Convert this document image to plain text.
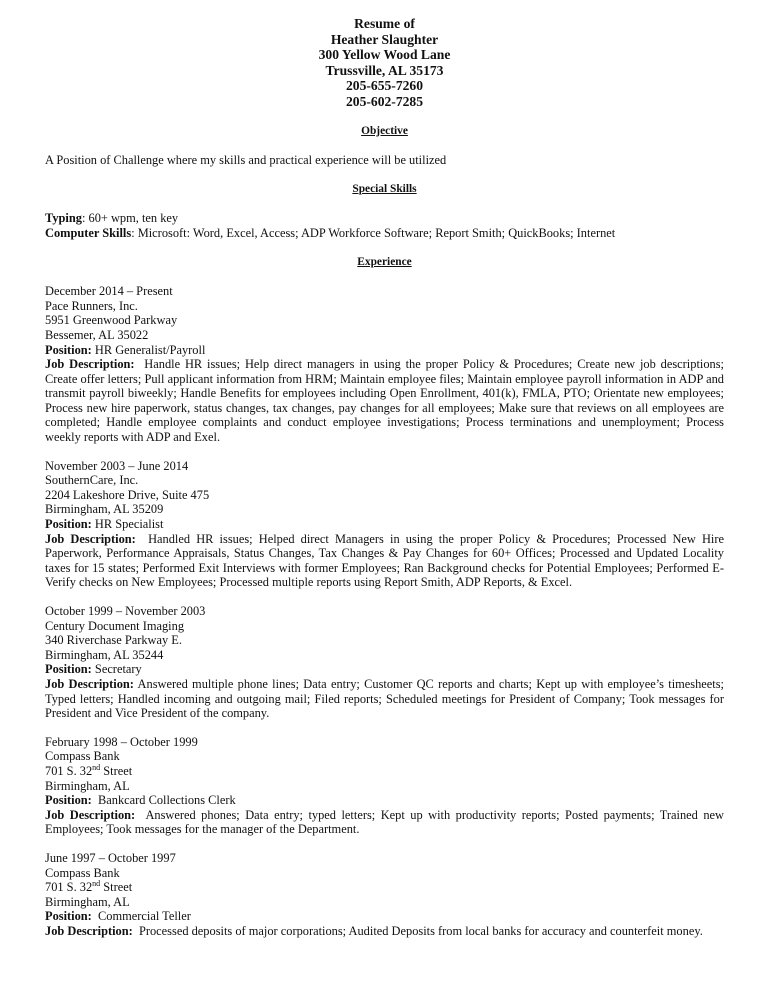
Resume of
Heather Slaughter
300 Yellow Wood Lane
Trussville, AL 35173
205-655-7260
205-602-7285
Objective

A Position of Challenge where my skills and practical experience will be utilized

Special Skills

Typing: 60+ wpm, ten key

Computer Skills: Microsoft: Word, Excel, Access; ADP Workforce Software; Report Smith; QuickBooks; Internet

Experience
December 2014 – Present
Pace Runners, Inc.
5951 Greenwood Parkway
Bessemer, AL 35022
Position: HR Generalist/Payroll

Job Description: Handle HR issues; Help direct managers in using the proper Policy & Procedures; Create new job descriptions; Create offer letters; Pull applicant information from HRM; Maintain employee files; Maintain employee payroll information in ADP and transmit payroll biweekly; Handle Benefits for employees including Open Enrollment, 401(k), FMLA, PTO; Orientate new employees; Process new hire paperwork, status changes, tax changes, pay changes for all employees; Make sure that reviews on all employees are completed; Handle employee complaints and conduct employee investigations; Process terminations and unemployment; Process weekly reports with ADP and Exel.

November 2003 – June 2014
SouthernCare, Inc.
2204 Lakeshore Drive, Suite 475
Birmingham, AL 35209
Position: HR Specialist

Job Description: Handled HR issues; Helped direct Managers in using the proper Policy & Procedures; Processed New Hire Paperwork, Performance Appraisals, Status Changes, Tax Changes & Pay Changes for 60+ Offices; Processed and Updated Locality taxes for 15 states; Performed Exit Interviews with former Employees; Ran Background checks for Potential Employees; Performed E-Verify checks on New Employees; Processed multiple reports using Report Smith, ADP Reports, & Excel.

October 1999 – November 2003
Century Document Imaging
340 Riverchase Parkway E.
Birmingham, AL 35244
Position: Secretary

Job Description: Answered multiple phone lines; Data entry; Customer QC reports and charts; Kept up with employee’s timesheets; Typed letters; Handled incoming and outgoing mail; Filed reports; Scheduled meetings for President of Company; Took messages for President and Vice President of the company.

February 1998 – October 1999
Compass Bank
701 S. 32nd Street
Birmingham, AL
Position: Bankcard Collections Clerk

Job Description: Answered phones; Data entry; typed letters; Kept up with productivity reports; Posted payments; Trained new Employees; Took messages for the manager of the Department.

June 1997 – October 1997
Compass Bank
701 S. 32nd Street
Birmingham, AL
Position: Commercial Teller

Job Description: Processed deposits of major corporations; Audited Deposits from local banks for accuracy and counterfeit money.
